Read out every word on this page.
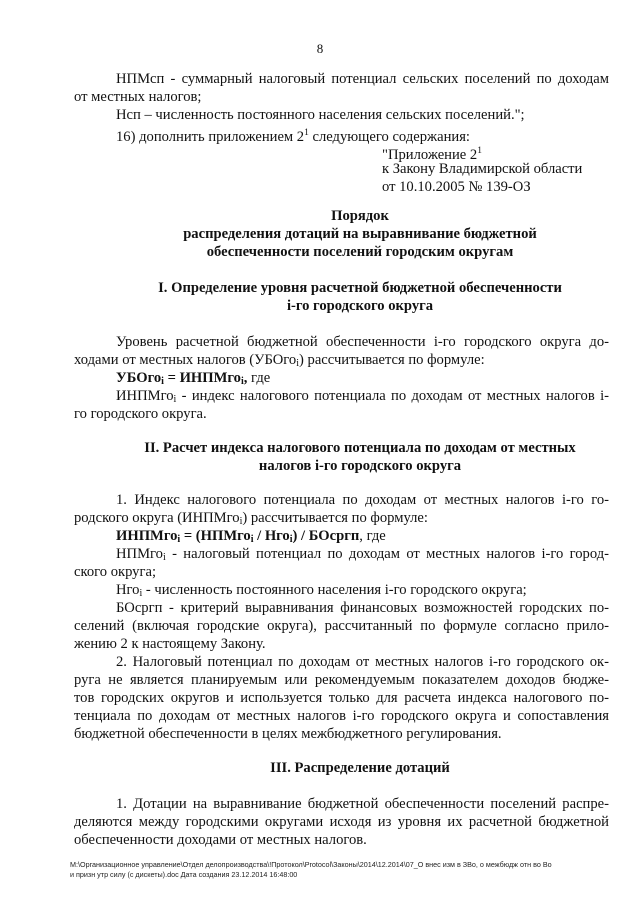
8
НПМсп - суммарный налоговый потенциал сельских поселений по доходам
от местных налогов;
Нсп – численность постоянного населения сельских поселений.";
16) дополнить приложением $2^1$ следующего содержания:
"Приложение $2^1$
к Закону Владимирской области
от 10.10.2005 № 139-ОЗ
Порядок
распределения дотаций на выравнивание бюджетной
обеспеченности поселений городским округам
I. Определение уровня расчетной бюджетной обеспеченности
i-го городского округа
Уровень расчетной бюджетной обеспеченности i-го городского округа до-
ходами от местных налогов (УБОго$_i$) рассчитывается по формуле:
УБОго$_i$ = ИНПМго$_i$, где
ИНПМго$_i$ - индекс налогового потенциала по доходам от местных налогов i-
го городского округа.
II. Расчет индекса налогового потенциала по доходам от местных
налогов i-го городского округа
1. Индекс налогового потенциала по доходам от местных налогов i-го го-
родского округа (ИНПМго$_i$) рассчитывается по формуле:
ИНПМго$_i$ = (НПМго$_i$ / Нго$_i$) / БОсргп, где
НПМго$_i$ - налоговый потенциал по доходам от местных налогов i-го город-
ского округа;
Нго$_i$ - численность постоянного населения i-го городского округа;
БОсргп - критерий выравнивания финансовых возможностей городских по-
селений (включая городские округа), рассчитанный по формуле согласно прило-
жению 2 к настоящему Закону.
2. Налоговый потенциал по доходам от местных налогов i-го городского ок-
руга не является планируемым или рекомендуемым показателем доходов бюдже-
тов городских округов и используется только для расчета индекса налогового по-
тенциала по доходам от местных налогов i-го городского округа и сопоставления
бюджетной обеспеченности в целях межбюджетного регулирования.
III. Распределение дотаций
1. Дотации на выравнивание бюджетной обеспеченности поселений распре-
деляются между городскими округами исходя из уровня их расчетной бюджетной
обеспеченности доходами от местных налогов.
M:\Организационное управление\Отдел делопроизводства\!Протокол\Protocol\Законы\2014\12.2014\07_О внес изм в ЗВо, о межбюдж отн во Во
и призн утр силу (с дискеты).doc Дата создания 23.12.2014 16:48:00
